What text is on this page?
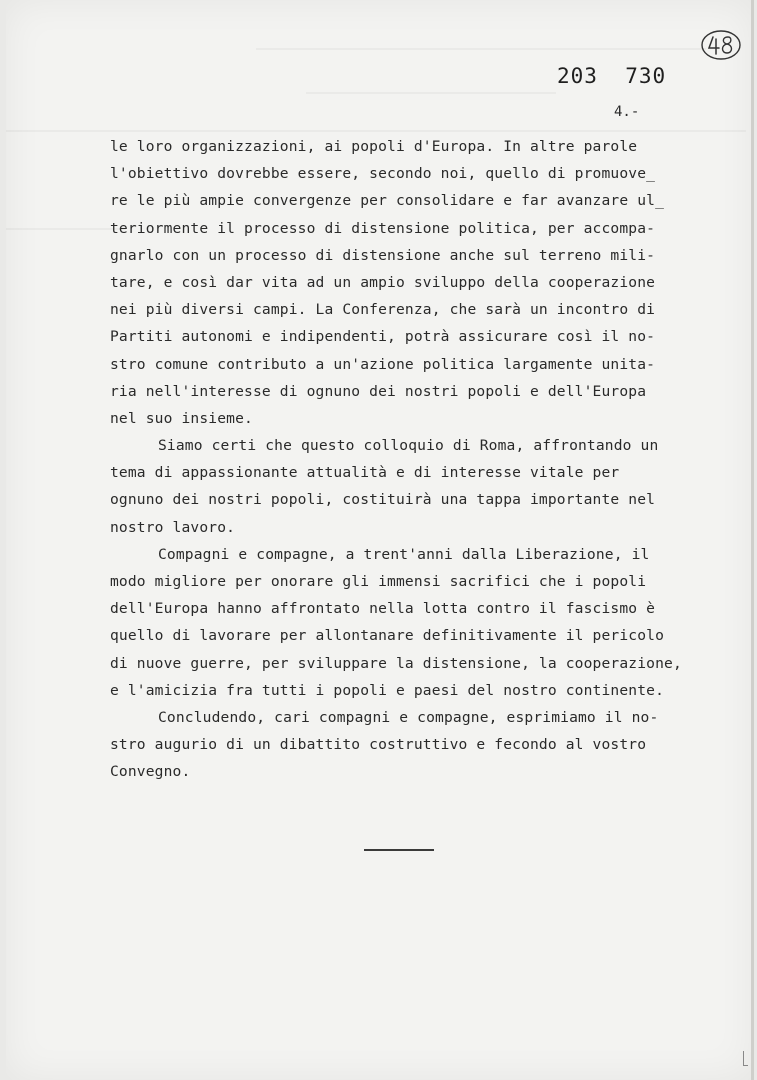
203  730
4.-
le loro organizzazioni, ai popoli d'Europa. In altre parole
l'obiettivo dovrebbe essere, secondo noi, quello di promuove_
re le più ampie convergenze per consolidare e far avanzare ul_
teriormente il processo di distensione politica, per accompa-
gnarlo con un processo di distensione anche sul terreno mili-
tare, e così dar vita ad un ampio sviluppo della cooperazione
nei più diversi campi. La Conferenza, che sarà un incontro di
Partiti autonomi e indipendenti, potrà assicurare così il no-
stro comune contributo a un'azione politica largamente unita-
ria nell'interesse di ognuno dei nostri popoli e dell'Europa
nel suo insieme.
Siamo certi che questo colloquio di Roma, affrontando un
tema di appassionante attualità e di interesse vitale per
ognuno dei nostri popoli, costituirà una tappa importante nel
nostro lavoro.
Compagni e compagne, a trent'anni dalla Liberazione, il
modo migliore per onorare gli immensi sacrifici che i popoli
dell'Europa hanno affrontato nella lotta contro il fascismo è
quello di lavorare per allontanare definitivamente il pericolo
di nuove guerre, per sviluppare la distensione, la cooperazione,
e l'amicizia fra tutti i popoli e paesi del nostro continente.
Concludendo, cari compagni e compagne, esprimiamo il no-
stro augurio di un dibattito costruttivo e fecondo al vostro
Convegno.
